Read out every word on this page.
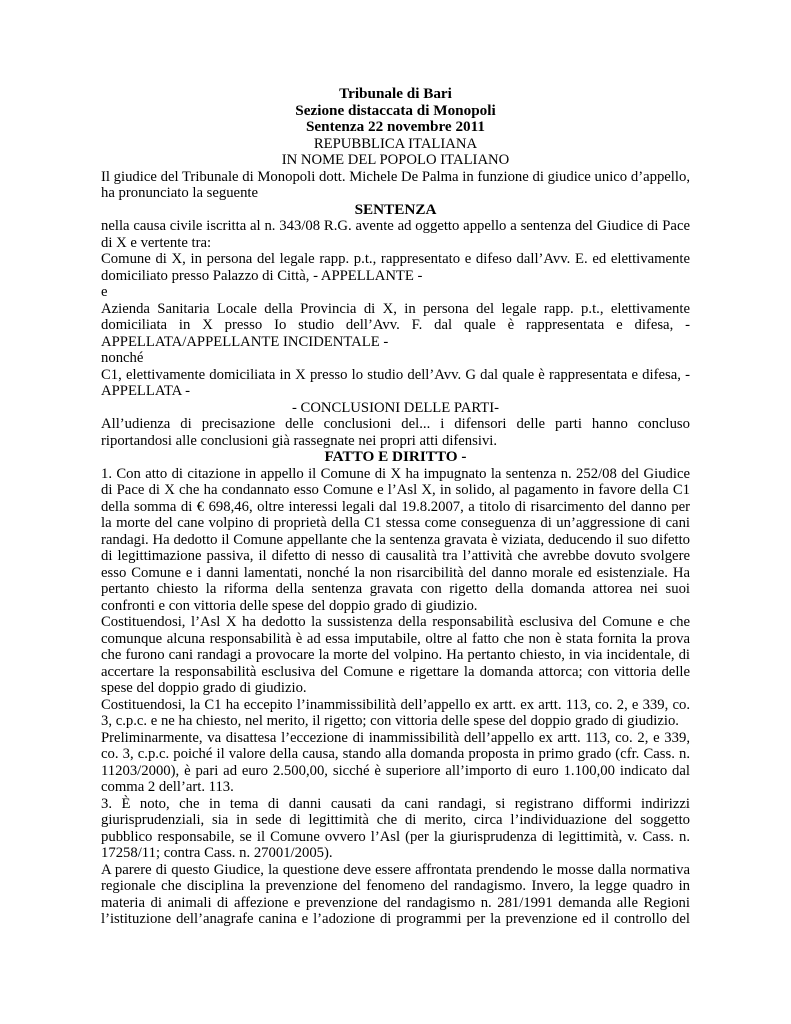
Tribunale di Bari
Sezione distaccata di Monopoli
Sentenza 22 novembre 2011
REPUBBLICA ITALIANA
IN NOME DEL POPOLO ITALIANO

Il giudice del Tribunale di Monopoli dott. Michele De Palma in funzione di giudice unico d’appello, ha pronunciato la seguente

SENTENZA

nella causa civile iscritta al n. 343/08 R.G. avente ad oggetto appello a sentenza del Giudice di Pace di X e vertente tra:

Comune di X, in persona del legale rapp. p.t., rappresentato e difeso dall’Avv. E. ed elettivamente domiciliato presso Palazzo di Città, - APPELLANTE -

e

Azienda Sanitaria Locale della Provincia di X, in persona del legale rapp. p.t., elettivamente domiciliata in X presso Io studio dell’Avv. F. dal quale è rappresentata e difesa, - APPELLATA/APPELLANTE INCIDENTALE -

nonché

C1, elettivamente domiciliata in X presso lo studio dell’Avv. G dal quale è rappresentata e difesa, - APPELLATA -

- CONCLUSIONI DELLE PARTI-

All’udienza di precisazione delle conclusioni del... i difensori delle parti hanno concluso riportandosi alle conclusioni già rassegnate nei propri atti difensivi.

FATTO E DIRITTO -

1. Con atto di citazione in appello il Comune di X ha impugnato la sentenza n. 252/08 del Giudice di Pace di X che ha condannato esso Comune e l’Asl X, in solido, al pagamento in favore della C1 della somma di € 698,46, oltre interessi legali dal 19.8.2007, a titolo di risarcimento del danno per la morte del cane volpino di proprietà della C1 stessa come conseguenza di un’aggressione di cani randagi. Ha dedotto il Comune appellante che la sentenza gravata è viziata, deducendo il suo difetto di legittimazione passiva, il difetto di nesso di causalità tra l’attività che avrebbe dovuto svolgere esso Comune e i danni lamentati, nonché la non risarcibilità del danno morale ed esistenziale. Ha pertanto chiesto la riforma della sentenza gravata con rigetto della domanda attorea nei suoi confronti e con vittoria delle spese del doppio grado di giudizio.

Costituendosi, l’Asl X ha dedotto la sussistenza della responsabilità esclusiva del Comune e che comunque alcuna responsabilità è ad essa imputabile, oltre al fatto che non è stata fornita la prova che furono cani randagi a provocare la morte del volpino. Ha pertanto chiesto, in via incidentale, di accertare la responsabilità esclusiva del Comune e rigettare la domanda attorca; con vittoria delle spese del doppio grado di giudizio.

Costituendosi, la C1 ha eccepito l’inammissibilità dell’appello ex artt. ex artt. 113, co. 2, e 339, co. 3, c.p.c. e ne ha chiesto, nel merito, il rigetto; con vittoria delle spese del doppio grado di giudizio.

Preliminarmente, va disattesa l’eccezione di inammissibilità dell’appello ex artt. 113, co. 2, e 339, co. 3, c.p.c. poiché il valore della causa, stando alla domanda proposta in primo grado (cfr. Cass. n. 11203/2000), è pari ad euro 2.500,00, sicché è superiore all’importo di euro 1.100,00 indicato dal comma 2 dell’art. 113.

3. È noto, che in tema di danni causati da cani randagi, si registrano difformi indirizzi giurisprudenziali, sia in sede di legittimità che di merito, circa l’individuazione del soggetto pubblico responsabile, se il Comune ovvero l’Asl (per la giurisprudenza di legittimità, v. Cass. n. 17258/11; contra Cass. n. 27001/2005).

A parere di questo Giudice, la questione deve essere affrontata prendendo le mosse dalla normativa regionale che disciplina la prevenzione del fenomeno del randagismo. Invero, la legge quadro in materia di animali di affezione e prevenzione del randagismo n. 281/1991 demanda alle Regioni l’istituzione dell’anagrafe canina e l’adozione di programmi per la prevenzione ed il controllo del
